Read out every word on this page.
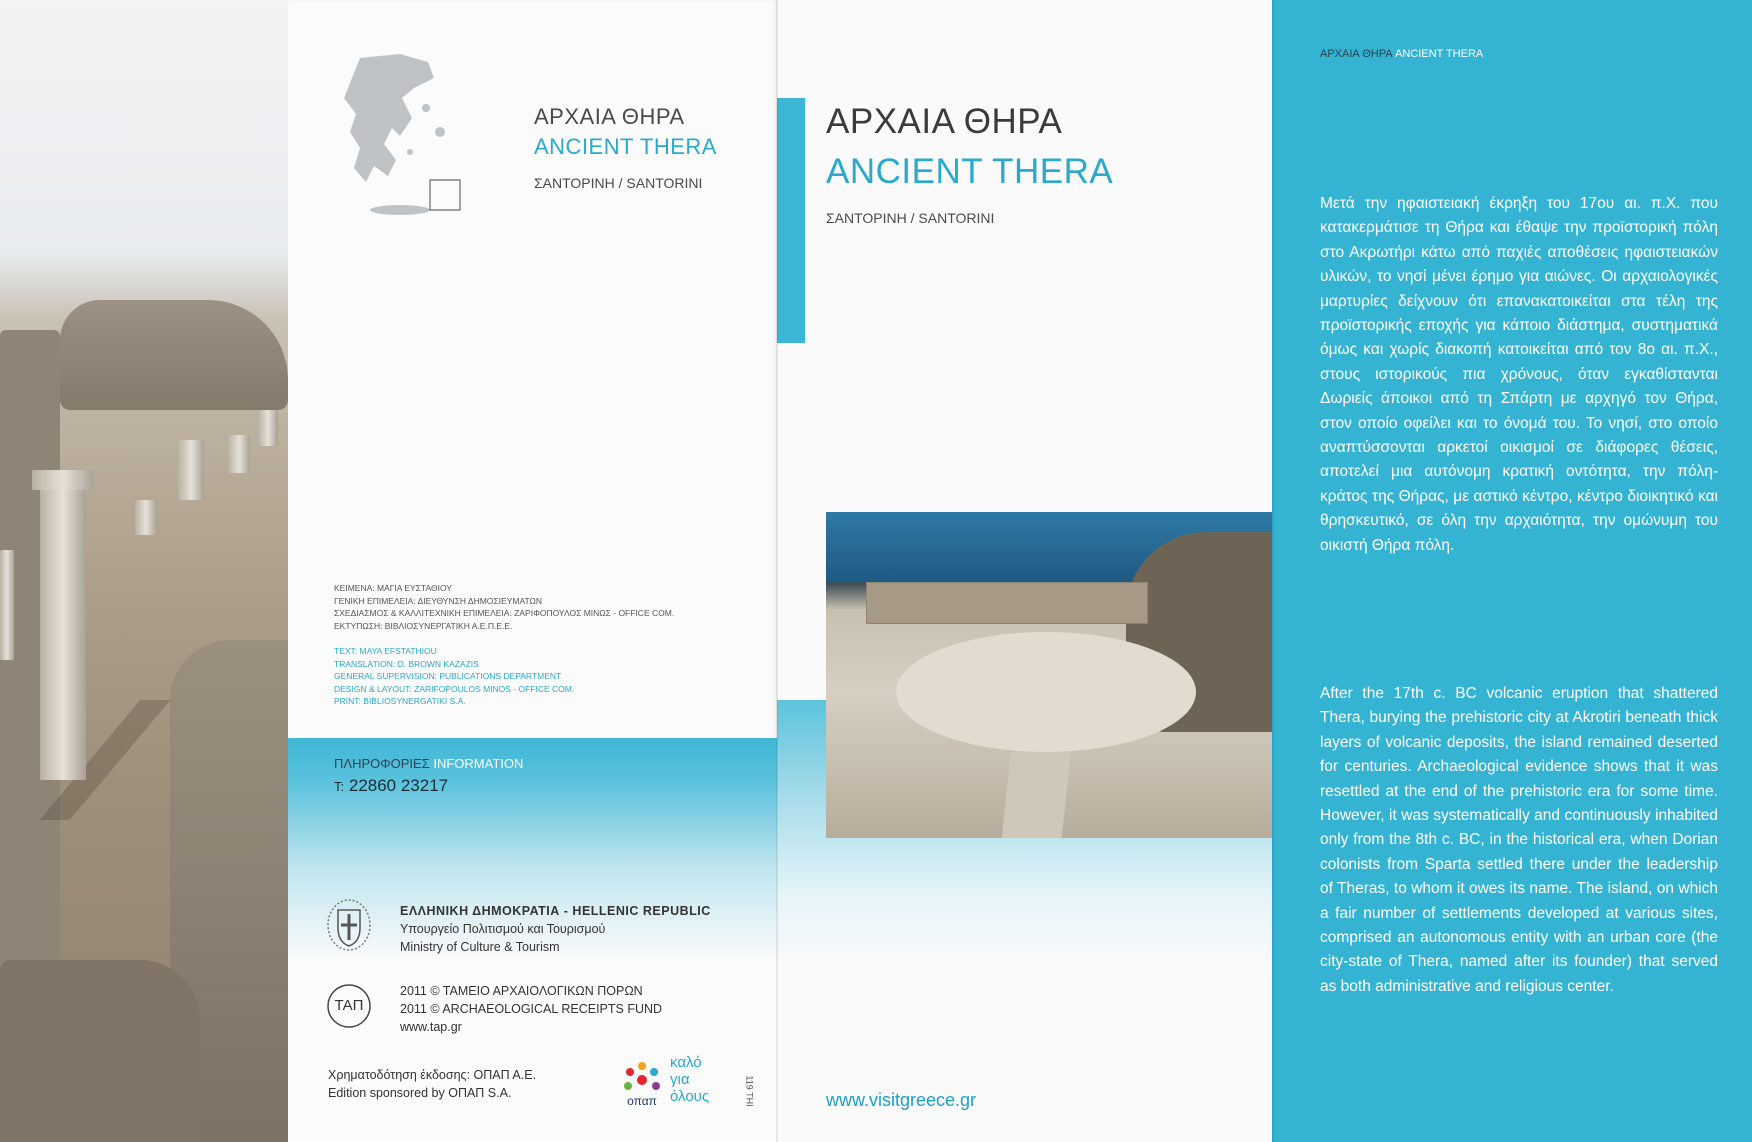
ΑΡΧΑΙΑ ΘΗΡΑ
ANCIENT THERA
ΣΑΝΤΟΡΙΝΗ / SANTORINI
ΚΕΙΜΕΝΑ: ΜΑΓΙΑ ΕΥΣΤΑΘΙΟΥ
ΓΕΝΙΚΗ ΕΠΙΜΕΛΕΙΑ: ΔΙΕΥΘΥΝΣΗ ΔΗΜΟΣΙΕΥΜΑΤΩΝ
ΣΧΕΔΙΑΣΜΟΣ & ΚΑΛΛΙΤΕΧΝΙΚΗ ΕΠΙΜΕΛΕΙΑ: ΖΑΡΙΦΟΠΟΥΛΟΣ ΜΙΝΩΣ - OFFICE COM.
ΕΚΤΥΠΩΣΗ: ΒΙΒΛΙΟΣΥΝΕΡΓΑΤΙΚΗ Α.Ε.Π.Ε.Ε.
TEXT: MAYA EFSTATHIOU
TRANSLATION: D. BROWN KAZAZIS
GENERAL SUPERVISION: PUBLICATIONS DEPARTMENT
DESIGN & LAYOUT: ZARIFOPOULOS MINOS - OFFICE COM.
PRINT: BIBLIOSYNERGATIKI S.A.
ΠΛΗΡΟΦΟΡΙΕΣ INFORMATION
Τ: 22860 23217
ΕΛΛΗΝΙΚΗ ΔΗΜΟΚΡΑΤΙΑ - HELLENIC REPUBLIC
Υπουργείο Πολιτισμού και Τουρισμού
Ministry of Culture & Tourism
ΤΑΠ
2011 © ΤΑΜΕΙΟ ΑΡΧΑΙΟΛΟΓΙΚΩΝ ΠΟΡΩΝ
2011 © ARCHAEOLOGICAL RECEIPTS FUND
www.tap.gr
Χρηματοδότηση έκδοσης: ΟΠΑΠ Α.Ε.
Edition sponsored by ΟΠΑΠ S.A.
οπαπ
καλό
για
όλους	119 ΤΗΙ
ΑΡΧΑΙΑ ΘΗΡΑ
ANCIENT THERA
ΣΑΝΤΟΡΙΝΗ / SANTORINI
www.visitgreece.gr
ΑΡΧΑΙΑ ΘΗΡΑ ANCIENT THERA
Μετά την ηφαιστειακή έκρηξη του 17ου αι. π.Χ. που κατακερμάτισε τη Θήρα και έθαψε την προϊστορική πόλη στο Ακρωτήρι κάτω από παχιές αποθέσεις ηφαιστειακών υλικών, το νησί μένει έρημο για αιώνες. Οι αρχαιολογικές μαρτυρίες δείχνουν ότι επανακατοικείται στα τέλη της προϊστορικής εποχής για κάποιο διάστημα, συστηματικά όμως και χωρίς διακοπή κατοικείται από τον 8ο αι. π.Χ., στους ιστορικούς πια χρόνους, όταν εγκαθίστανται Δωριείς άποικοι από τη Σπάρτη με αρχηγό τον Θήρα, στον οποίο οφείλει και το όνομά του. Το νησί, στο οποίο αναπτύσσονται αρκετοί οικισμοί σε διάφορες θέσεις, αποτελεί μια αυτόνομη κρατική οντότητα, την πόλη-κράτος της Θήρας, με αστικό κέντρο, κέντρο διοικητικό και θρησκευτικό, σε όλη την αρχαιότητα, την ομώνυμη του οικιστή Θήρα πόλη.
After the 17th c. BC volcanic eruption that shattered Thera, burying the prehistoric city at Akrotiri beneath thick layers of volcanic deposits, the island remained deserted for centuries. Archaeological evidence shows that it was resettled at the end of the prehistoric era for some time. However, it was systematically and continuously inhabited only from the 8th c. BC, in the historical era, when Dorian colonists from Sparta settled there under the leadership of Theras, to whom it owes its name. The island, on which a fair number of settlements developed at various sites, comprised an autonomous entity with an urban core (the city-state of Thera, named after its founder) that served as both administrative and religious center.
